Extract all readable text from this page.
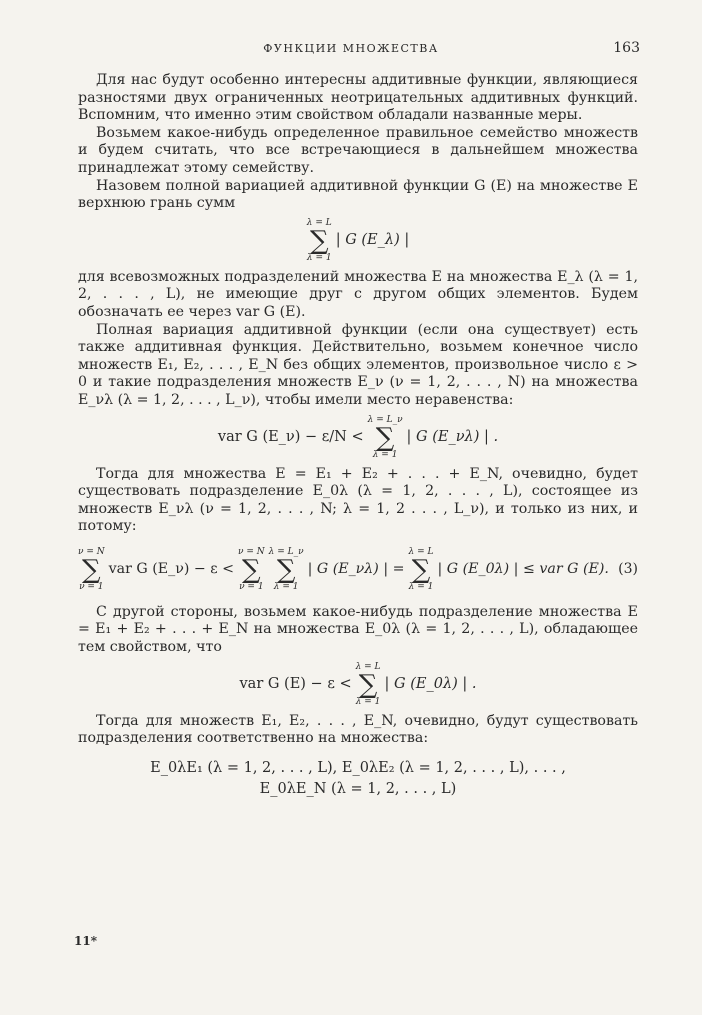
ФУНКЦИИ МНОЖЕСТВА	163

Для нас будут особенно интересны аддитивные функции, являющиеся разностями двух ограниченных неотрицательных аддитивных функций. Вспомним, что именно этим свойством обладали названные меры.

Возьмем какое-нибудь определенное правильное семейство множеств и будем считать, что все встречающиеся в дальнейшем множества принадлежат этому семейству.

Назовем полной вариацией аддитивной функции G (E) на множестве E верхнюю грань сумм

λ = L
∑
λ = 1
| G (E_λ) |

для всевозможных подразделений множества E на множества E_λ (λ = 1, 2, . . . , L), не имеющие друг с другом общих элементов. Будем обозначать ее через var G (E).

Полная вариация аддитивной функции (если она существует) есть также аддитивная функция. Действительно, возьмем конечное число множеств E₁, E₂, . . . , E_N без общих элементов, произвольное число ε > 0 и такие подразделения множеств E_ν (ν = 1, 2, . . . , N) на множества E_νλ (λ = 1, 2, . . . , L_ν), чтобы имели место неравенства:

var G (E_ν) − ε/N <
λ = L_ν
∑
λ = 1
| G (E_νλ) | .

Тогда для множества E = E₁ + E₂ + . . . + E_N, очевидно, будет существовать подразделение E_0λ (λ = 1, 2, . . . , L), состоящее из множеств E_νλ (ν = 1, 2, . . . , N; λ = 1, 2 . . . , L_ν), и только из них, и потому:

ν = N
∑
ν = 1
var G (E_ν) − ε <
ν = N
∑
ν = 1
λ = L_ν
∑
λ = 1
| G (E_νλ) | =
λ = L
∑
λ = 1
| G (E_0λ) | ≤ var G (E). (3)

С другой стороны, возьмем какое-нибудь подразделение множества E = E₁ + E₂ + . . . + E_N на множества E_0λ (λ = 1, 2, . . . , L), обладающее тем свойством, что

var G (E) − ε <
λ = L
∑
λ = 1
| G (E_0λ) | .

Тогда для множеств E₁, E₂, . . . , E_N, очевидно, будут существовать подразделения соответственно на множества:

E_0λE₁ (λ = 1, 2, . . . , L), E_0λE₂ (λ = 1, 2, . . . , L), . . . ,
E_0λE_N (λ = 1, 2, . . . , L)
11*
